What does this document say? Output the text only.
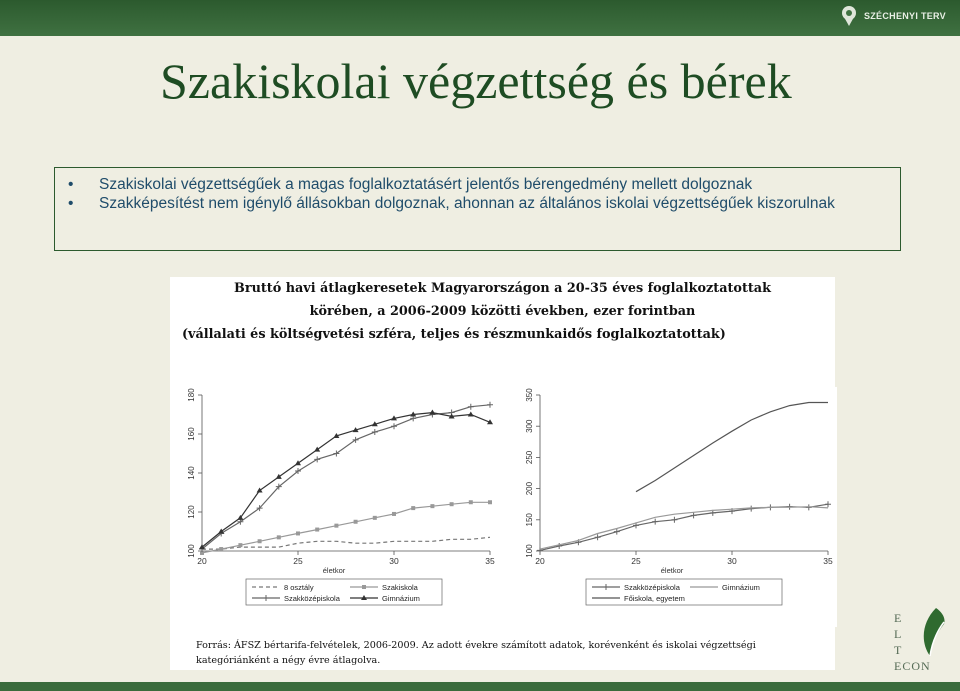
SZÉCHENYI TERV
Szakiskolai végzettség és bérek
• Szakiskolai végzettségűek a magas foglalkoztatásért jelentős bérengedmény mellett dolgoznak
• Szakképesítést nem igénylő állásokban dolgoznak, ahonnan az általános iskolai végzettségűek kiszorulnak
Bruttó havi átlagkeresetek Magyarországon a 20-35 éves foglalkoztatottak
körében, a 2006-2009 közötti években, ezer forintban
(vállalati és költségvetési szféra, teljes és részmunkaidős foglalkoztatottak)
100
120
140
160
180
20	25	30	35
életkor
8 osztály	Szakiskola
Szakközépiskola	Gimnázium
100
150
200
250
300
350
20	25	30	35
életkor
Szakközépiskola	Gimnázium
Főiskola, egyetem
Forrás: ÁFSZ bértarifa-felvételek, 2006-2009. Az adott évekre számított adatok, korévenként és iskolai végzettségi kategóriánként a négy évre átlagolva.
E
L
T
ECON
